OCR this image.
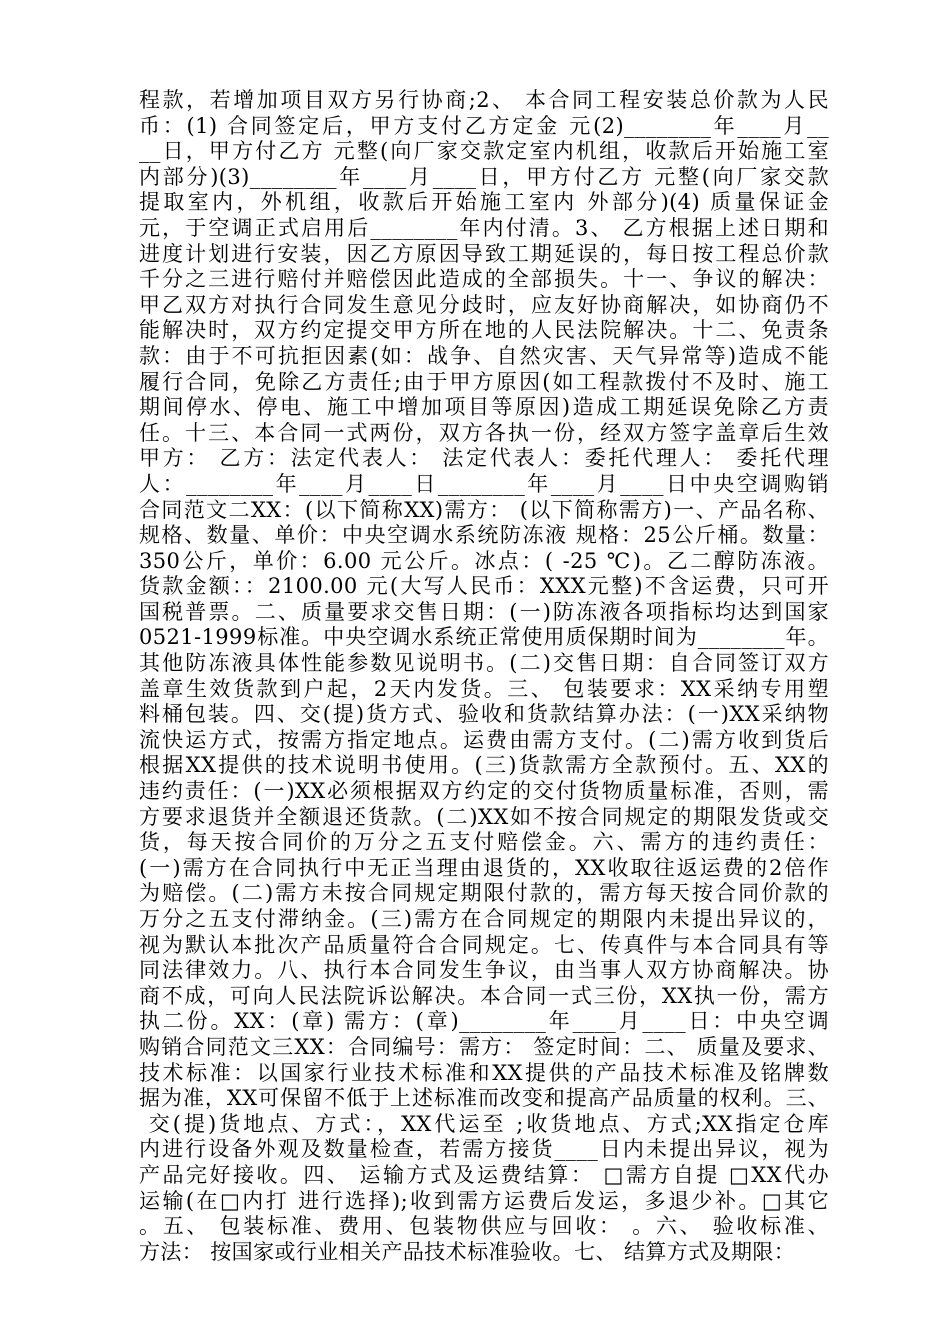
程款，若增加项目双方另行协商;2、 本合同工程安装总价款为人民
币：(1) 合同签定后，甲方支付乙方定金 元(2)________年____月__
__日，甲方付乙方 元整(向厂家交款定室内机组，收款后开始施工室
内部分)(3)________年____月____日，甲方付乙方 元整(向厂家交款
提取室内，外机组，收款后开始施工室内 外部分)(4) 质量保证金
元，于空调正式启用后________年内付清。3、 乙方根据上述日期和
进度计划进行安装，因乙方原因导致工期延误的，每日按工程总价款
千分之三进行赔付并赔偿因此造成的全部损失。十一、争议的解决：
甲乙双方对执行合同发生意见分歧时，应友好协商解决，如协商仍不
能解决时，双方约定提交甲方所在地的人民法院解决。十二、免责条
款：由于不可抗拒因素(如：战争、自然灾害、天气异常等)造成不能
履行合同，免除乙方责任;由于甲方原因(如工程款拨付不及时、施工
期间停水、停电、施工中增加项目等原因)造成工期延误免除乙方责
任。十三、本合同一式两份，双方各执一份，经双方签字盖章后生效
甲方： 乙方：法定代表人： 法定代表人：委托代理人： 委托代理
人：________年____月____日________年____月____日中央空调购销
合同范文二XX：(以下简称XX)需方： (以下简称需方)一、产品名称、
规格、数量、单价：中央空调水系统防冻液 规格：25公斤桶。数量：
350公斤，单价：6.00 元公斤。冰点：( -25 ℃)。乙二醇防冻液。
货款金额：：2100.00 元(大写人民币：XXX元整)不含运费，只可开
国税普票。二、质量要求交售日期：(一)防冻液各项指标均达到国家
0521-1999标准。中央空调水系统正常使用质保期时间为________年。
其他防冻液具体性能参数见说明书。(二)交售日期：自合同签订双方
盖章生效货款到户起，2天内发货。三、 包装要求：XX采纳专用塑
料桶包装。四、交(提)货方式、验收和货款结算办法：(一)XX采纳物
流快运方式，按需方指定地点。运费由需方支付。(二)需方收到货后
根据XX提供的技术说明书使用。(三)货款需方全款预付。五、XX的
违约责任：(一)XX必须根据双方约定的交付货物质量标准，否则，需
方要求退货并全额退还货款。(二)XX如不按合同规定的期限发货或交
货，每天按合同价的万分之五支付赔偿金。六、需方的违约责任：
(一)需方在合同执行中无正当理由退货的，XX收取往返运费的2倍作
为赔偿。(二)需方未按合同规定期限付款的，需方每天按合同价款的
万分之五支付滞纳金。(三)需方在合同规定的期限内未提出异议的，
视为默认本批次产品质量符合合同规定。七、传真件与本合同具有等
同法律效力。八、执行本合同发生争议，由当事人双方协商解决。协
商不成，可向人民法院诉讼解决。本合同一式三份，XX执一份，需方
执二份。XX：(章) 需方：(章)________年____月____日：中央空调
购销合同范文三XX：合同编号：需方： 签定时间：二、 质量及要求、
技术标准：以国家行业技术标准和XX提供的产品技术标准及铭牌数
据为准，XX可保留不低于上述标准而改变和提高产品质量的权利。三、
交(提)货地点、方式：，XX代运至 ;收货地点、方式;XX指定仓库
内进行设备外观及数量检查，若需方接货____日内未提出异议，视为
产品完好接收。四、 运输方式及运费结算： □需方自提 □XX代办
运输(在□内打 进行选择);收到需方运费后发运，多退少补。□其它
。五、 包装标准、费用、包装物供应与回收： 。六、 验收标准、
方法： 按国家或行业相关产品技术标准验收。七、 结算方式及期限：
